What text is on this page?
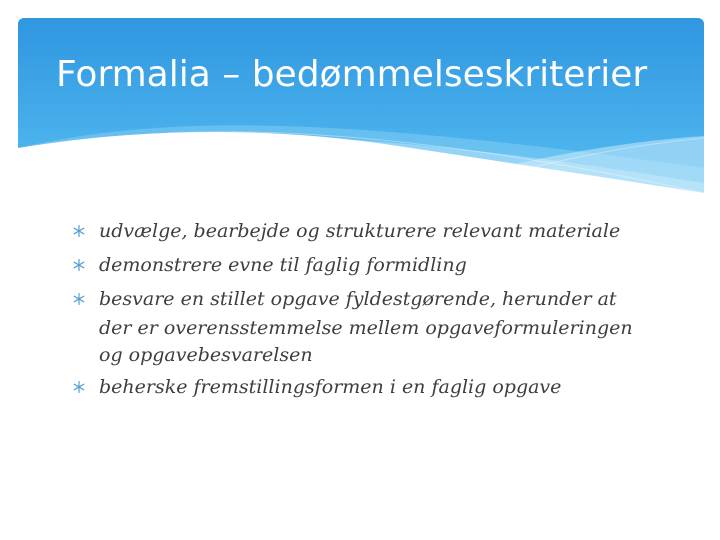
Formalia – bedømmelseskriterier
udvælge, bearbejde og strukturere relevant materiale
demonstrere evne til faglig formidling
besvare en stillet opgave fyldestgørende, herunder at
der er overensstemmelse mellem opgaveformuleringen
og opgavebesvarelsen
beherske fremstillingsformen i en faglig opgave
